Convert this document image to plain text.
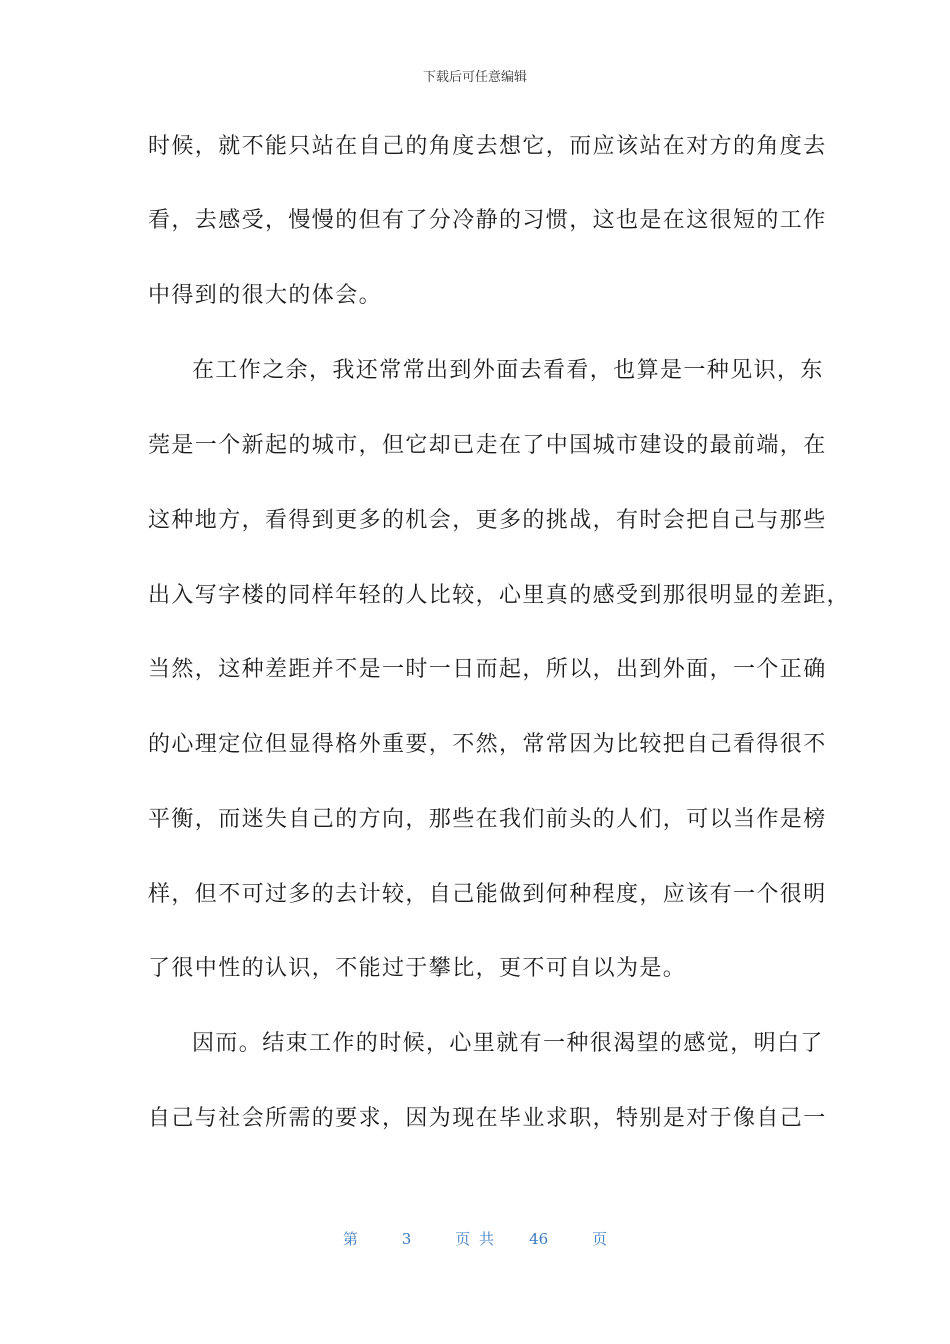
下载后可任意编辑
时候，就不能只站在自己的角度去想它，而应该站在对方的角度去
看，去感受，慢慢的但有了分冷静的习惯，这也是在这很短的工作
中得到的很大的体会。
在工作之余，我还常常出到外面去看看，也算是一种见识，东
莞是一个新起的城市，但它却已走在了中国城市建设的最前端，在
这种地方，看得到更多的机会，更多的挑战，有时会把自己与那些
出入写字楼的同样年轻的人比较，心里真的感受到那很明显的差距，
当然，这种差距并不是一时一日而起，所以，出到外面，一个正确
的心理定位但显得格外重要，不然，常常因为比较把自己看得很不
平衡，而迷失自己的方向，那些在我们前头的人们，可以当作是榜
样，但不可过多的去计较，自己能做到何种程度，应该有一个很明
了很中性的认识，不能过于攀比，更不可自以为是。
因而。结束工作的时候，心里就有一种很渴望的感觉，明白了
自己与社会所需的要求，因为现在毕业求职，特别是对于像自己一
第	3	页 共 46	页
